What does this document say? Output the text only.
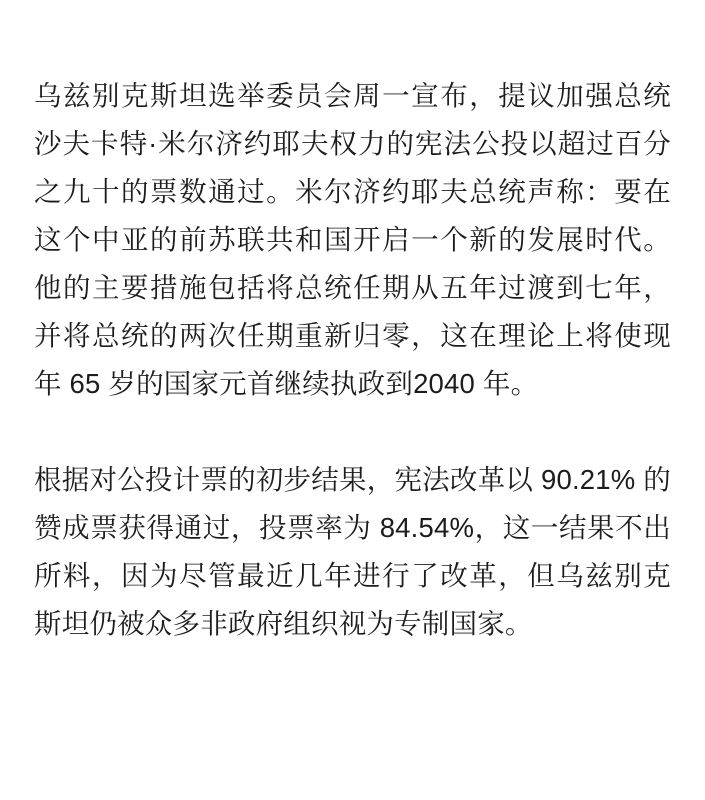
乌兹别克斯坦选举委员会周一宣布，提议加强总统沙夫卡特·米尔济约耶夫权力的宪法公投以超过百分之九十的票数通过。米尔济约耶夫总统声称：要在这个中亚的前苏联共和国开启一个新的发展时代。他的主要措施包括将总统任期从五年过渡到七年，并将总统的两次任期重新归零，这在理论上将使现年 65 岁的国家元首继续执政到2040 年。

根据对公投计票的初步结果，宪法改革以 90.21% 的赞成票获得通过，投票率为 84.54%，这一结果不出所料，因为尽管最近几年进行了改革，但乌兹别克斯坦仍被众多非政府组织视为专制国家。
